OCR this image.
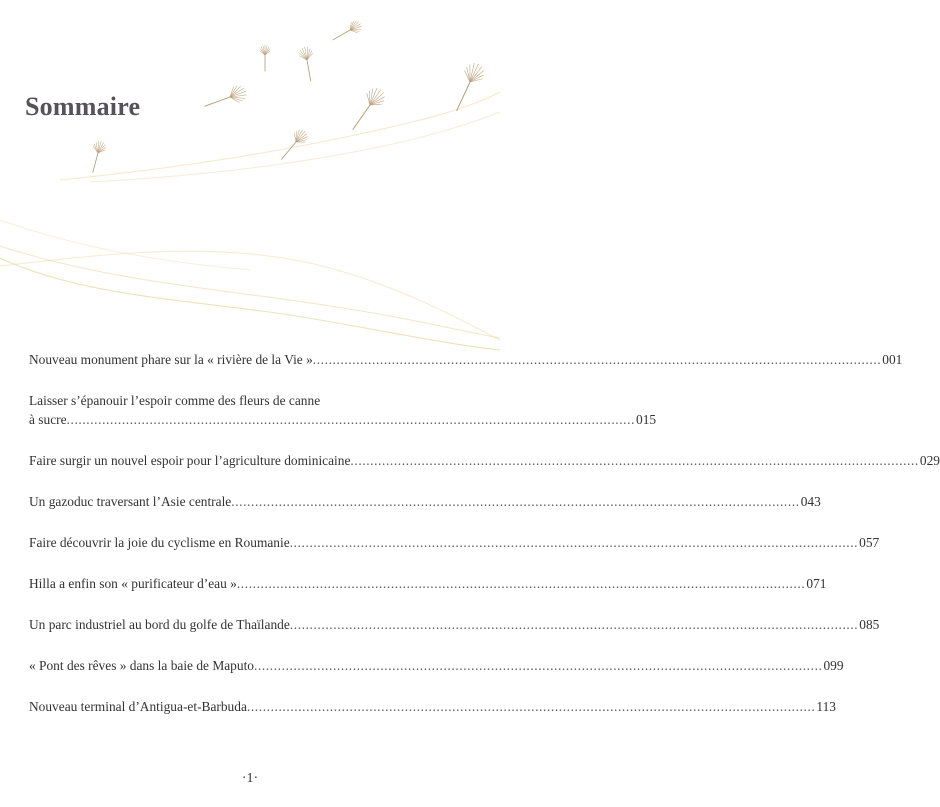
Sommaire
Nouveau monument phare sur la « rivière de la Vie » .....	001
Laisser s’épanouir l’espoir comme des fleurs de canne
à sucre .....	015
Faire surgir un nouvel espoir pour l’agriculture dominicaine .....	029
Un gazoduc traversant l’Asie centrale .....	043
Faire découvrir la joie du cyclisme en Roumanie .....	057
Hilla a enfin son « purificateur d’eau » .....	071
Un parc industriel au bord du golfe de Thaïlande .....	085
« Pont des rêves » dans la baie de Maputo .....	099
Nouveau terminal d’Antigua-et-Barbuda .....	113
·1·
